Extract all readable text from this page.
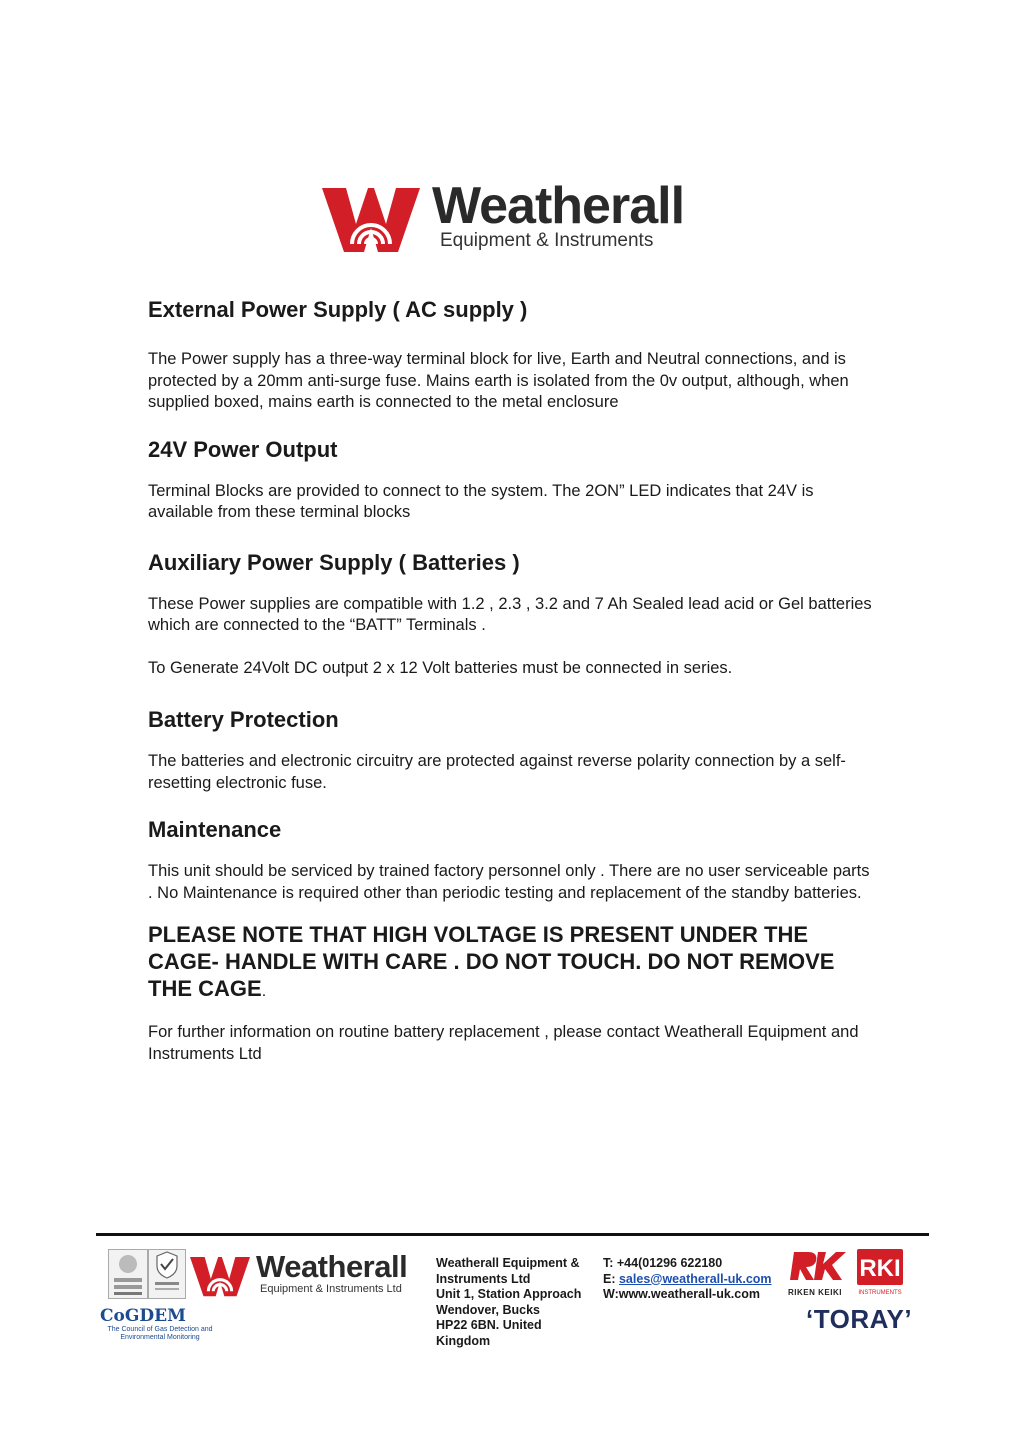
Weatherall
Equipment & Instruments
External Power Supply ( AC supply )

The Power supply has a three-way terminal block for live, Earth and Neutral connections, and is protected by a 20mm anti-surge fuse. Mains earth is isolated from the 0v output, although, when supplied boxed, mains earth is connected to the metal enclosure

24V Power Output

Terminal Blocks are provided to connect to the system. The 2ON” LED indicates that 24V is available from these terminal blocks

Auxiliary Power Supply ( Batteries )

These Power supplies are compatible with 1.2 , 2.3 , 3.2 and 7 Ah Sealed lead acid or Gel batteries which are connected to the “BATT” Terminals .

To Generate 24Volt DC output 2 x 12 Volt batteries must be connected in series.

Battery Protection

The batteries and electronic circuitry are protected against reverse polarity connection by a self-resetting electronic fuse.

Maintenance

This unit should be serviced by trained factory personnel only . There are no user serviceable parts . No Maintenance is required other than periodic testing and replacement of the standby batteries.

PLEASE NOTE THAT HIGH VOLTAGE IS PRESENT UNDER THE CAGE- HANDLE WITH CARE . DO NOT TOUCH. DO NOT REMOVE THE CAGE.

For further information on routine battery replacement , please contact Weatherall Equipment and Instruments Ltd

Weatherall
Equipment & Instruments Ltd
CoGDEM
The Council of Gas Detection and Environmental Monitoring
Weatherall Equipment &
Instruments Ltd
Unit 1, Station Approach
Wendover, Bucks
HP22 6BN. United Kingdom
T: +44(01296 622180
E: sales@weatherall-uk.com
W:www.weatherall-uk.com	RIKEN KEIKI
RKI
INSTRUMENTS
‘TORAY’
